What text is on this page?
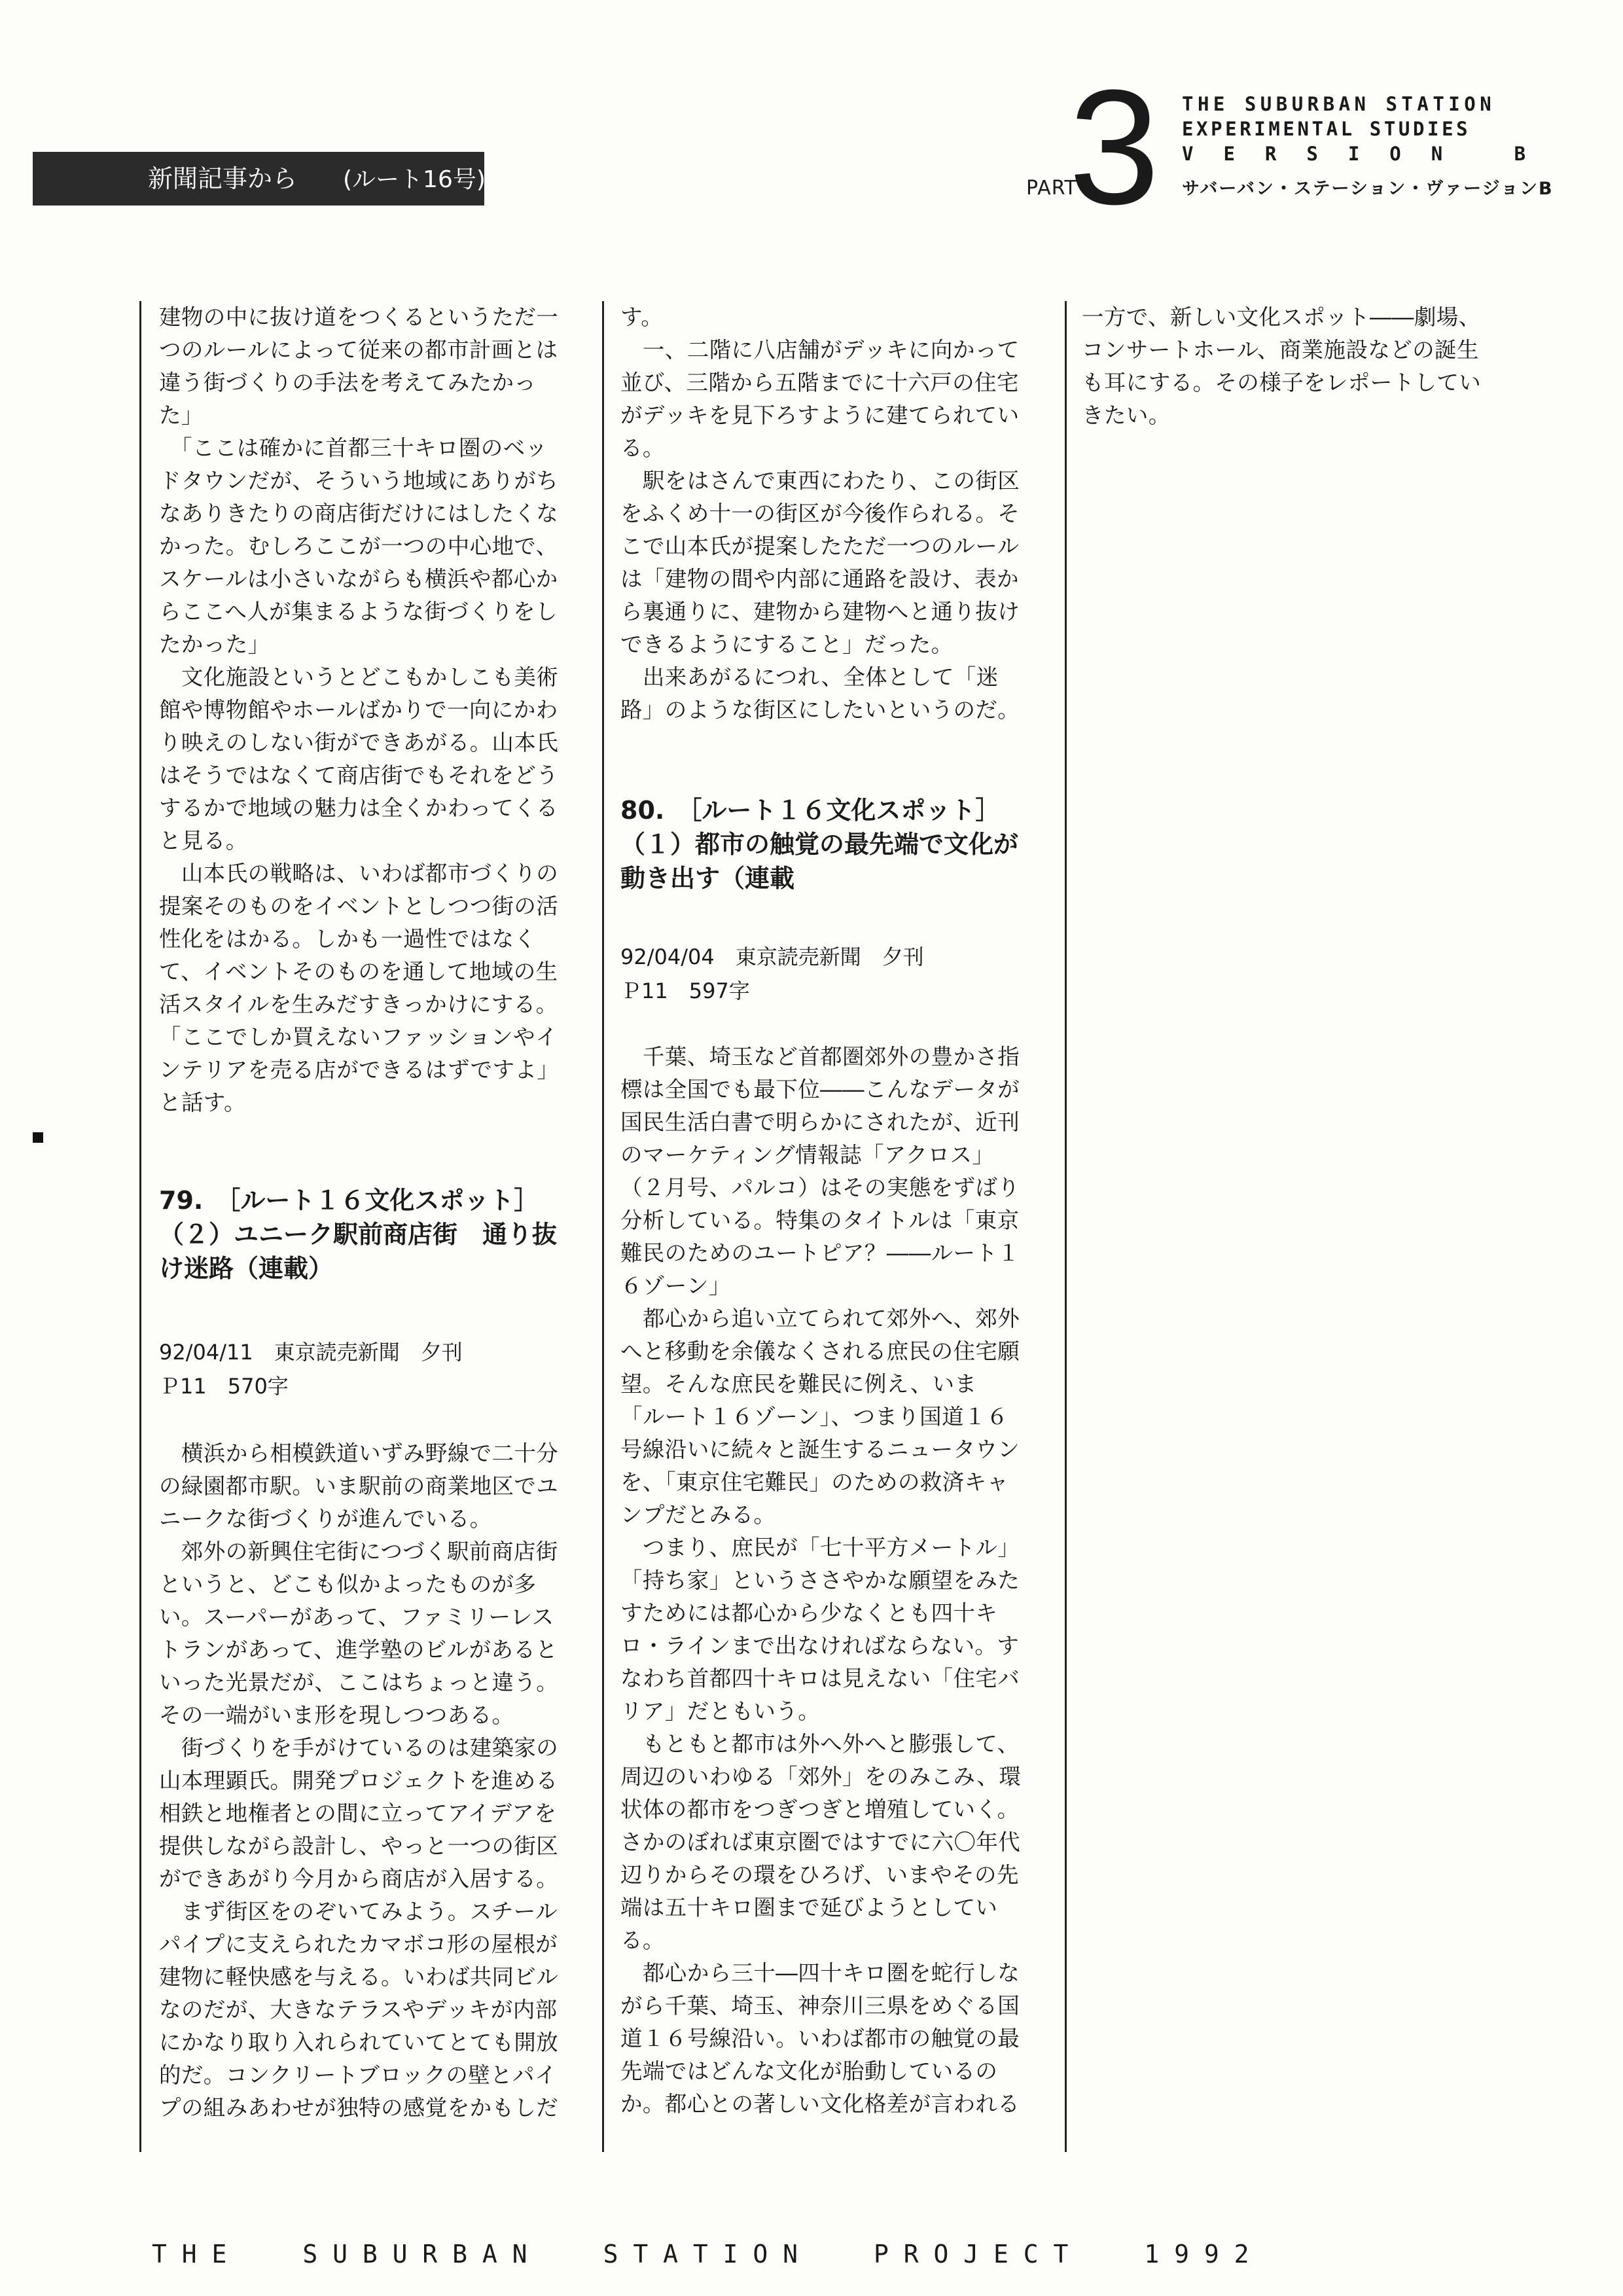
新聞記事から (ルート16号)	PART
3 THE SUBURBAN STATION
EXPERIMENTAL STUDIES
VERSION B
サバーバン・ステーション・ヴァージョンB
建物の中に抜け道をつくるというただ一
つのルールによって従来の都市計画とは
違う街づくりの手法を考えてみたかっ
た」
　「ここは確かに首都三十キロ圏のベッ
ドタウンだが、そういう地域にありがち
なありきたりの商店街だけにはしたくな
かった。むしろここが一つの中心地で、
スケールは小さいながらも横浜や都心か
らここへ人が集まるような街づくりをし
たかった」
　文化施設というとどこもかしこも美術
館や博物館やホールばかりで一向にかわ
り映えのしない街ができあがる。山本氏
はそうではなくて商店街でもそれをどう
するかで地域の魅力は全くかわってくる
と見る。
　山本氏の戦略は、いわば都市づくりの
提案そのものをイベントとしつつ街の活
性化をはかる。しかも一過性ではなく
て、イベントそのものを通して地域の生
活スタイルを生みだすきっかけにする。
「ここでしか買えないファッションやイ
ンテリアを売る店ができるはずですよ」
と話す。
79.　［ルート１６文化スポット］
（２）ユニーク駅前商店街　通り抜
け迷路（連載）
92/04/11　東京読売新聞　夕刊
Ｐ11　570字
　横浜から相模鉄道いずみ野線で二十分
の緑園都市駅。いま駅前の商業地区でユ
ニークな街づくりが進んでいる。
　郊外の新興住宅街につづく駅前商店街
というと、どこも似かよったものが多
い。スーパーがあって、ファミリーレス
トランがあって、進学塾のビルがあると
いった光景だが、ここはちょっと違う。
その一端がいま形を現しつつある。
　街づくりを手がけているのは建築家の
山本理顕氏。開発プロジェクトを進める
相鉄と地権者との間に立ってアイデアを
提供しながら設計し、やっと一つの街区
ができあがり今月から商店が入居する。
　まず街区をのぞいてみよう。スチール
パイプに支えられたカマボコ形の屋根が
建物に軽快感を与える。いわば共同ビル
なのだが、大きなテラスやデッキが内部
にかなり取り入れられていてとても開放
的だ。コンクリートブロックの壁とパイ
プの組みあわせが独特の感覚をかもしだ
す。
　一、二階に八店舗がデッキに向かって
並び、三階から五階までに十六戸の住宅
がデッキを見下ろすように建てられてい
る。
　駅をはさんで東西にわたり、この街区
をふくめ十一の街区が今後作られる。そ
こで山本氏が提案したただ一つのルール
は「建物の間や内部に通路を設け、表か
ら裏通りに、建物から建物へと通り抜け
できるようにすること」だった。
　出来あがるにつれ、全体として「迷
路」のような街区にしたいというのだ。
80.　［ルート１６文化スポット］
（１）都市の触覚の最先端で文化が
動き出す（連載
92/04/04　東京読売新聞　夕刊
Ｐ11　597字
　千葉、埼玉など首都圏郊外の豊かさ指
標は全国でも最下位――こんなデータが
国民生活白書で明らかにされたが、近刊
のマーケティング情報誌「アクロス」
（２月号、パルコ）はその実態をずばり
分析している。特集のタイトルは「東京
難民のためのユートピア？――ルート１
６ゾーン」
　都心から追い立てられて郊外へ、郊外
へと移動を余儀なくされる庶民の住宅願
望。そんな庶民を難民に例え、いま
「ルート１６ゾーン」、つまり国道１６
号線沿いに続々と誕生するニュータウン
を、「東京住宅難民」のための救済キャ
ンプだとみる。
　つまり、庶民が「七十平方メートル」
「持ち家」というささやかな願望をみた
すためには都心から少なくとも四十キ
ロ・ラインまで出なければならない。す
なわち首都四十キロは見えない「住宅バ
リア」だともいう。
　もともと都市は外へ外へと膨張して、
周辺のいわゆる「郊外」をのみこみ、環
状体の都市をつぎつぎと増殖していく。
さかのぼれば東京圏ではすでに六〇年代
辺りからその環をひろげ、いまやその先
端は五十キロ圏まで延びようとしてい
る。
　都心から三十―四十キロ圏を蛇行しな
がら千葉、埼玉、神奈川三県をめぐる国
道１６号線沿い。いわば都市の触覚の最
先端ではどんな文化が胎動しているの
か。都心との著しい文化格差が言われる
一方で、新しい文化スポット――劇場、
コンサートホール、商業施設などの誕生
も耳にする。その様子をレポートしてい
きたい。
T H E	S U B U R B A N	S T A T I O N	P R O J E C T	1 9 9 2
